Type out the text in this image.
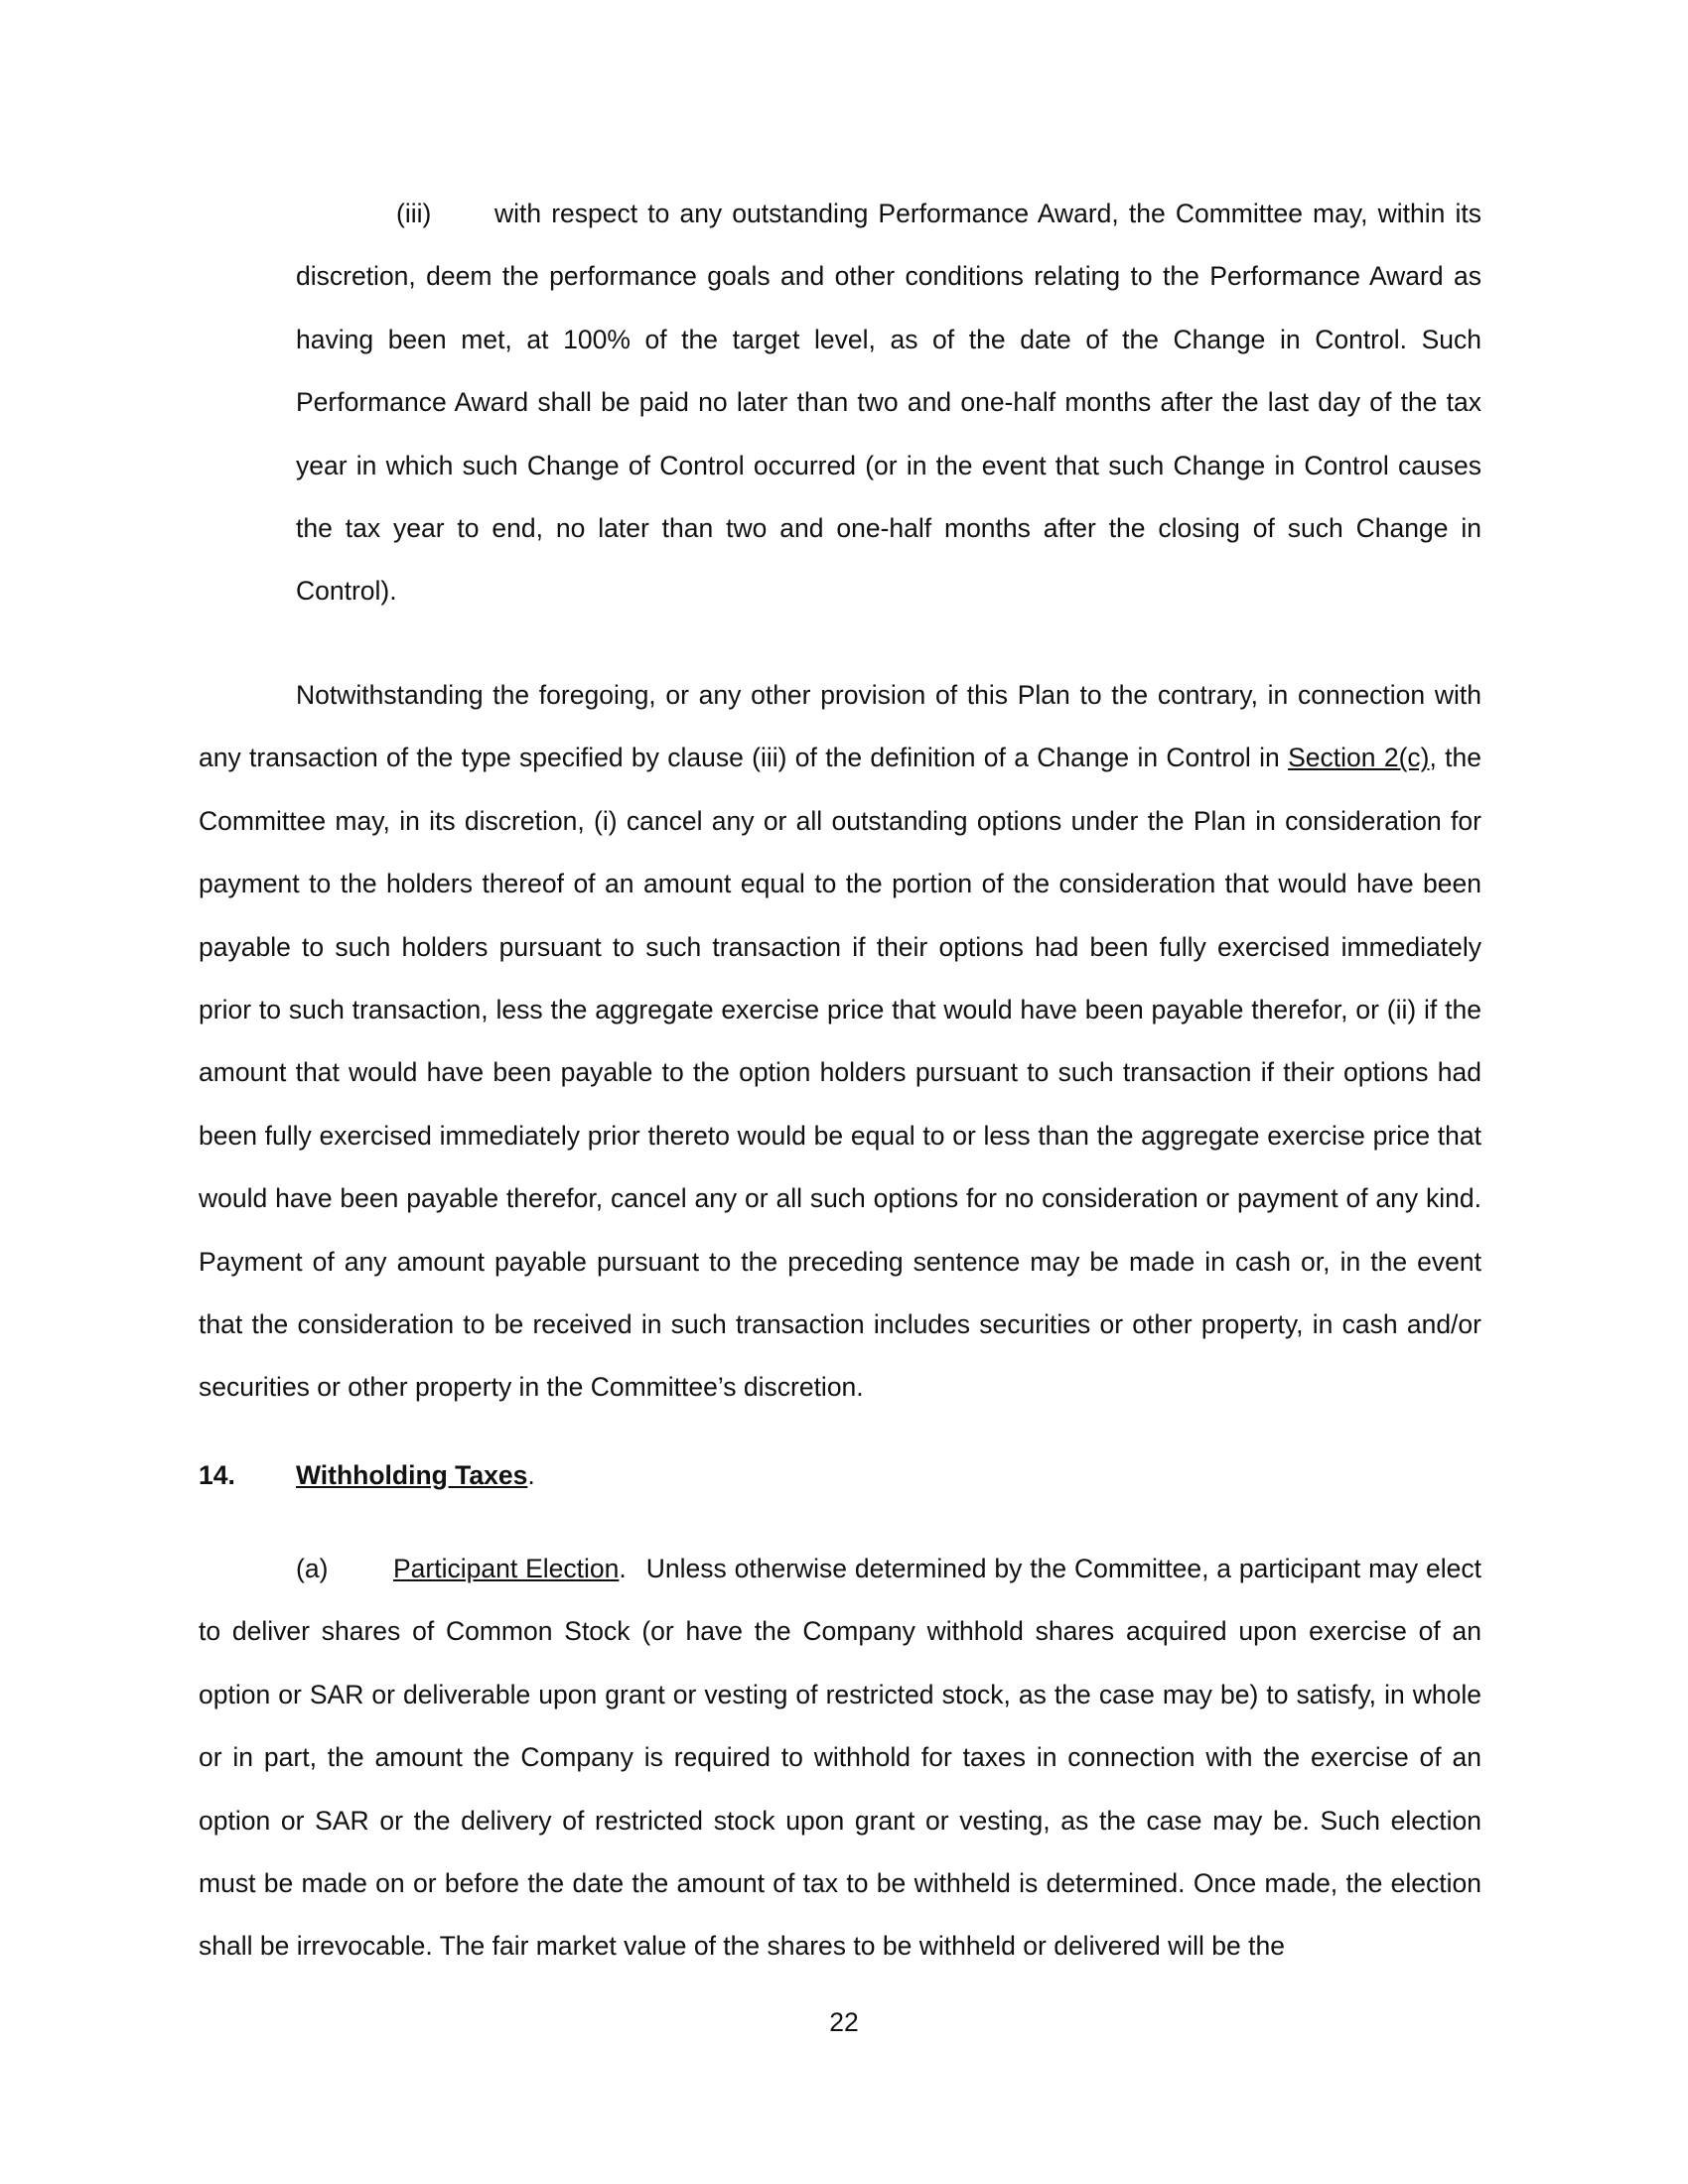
(iii) with respect to any outstanding Performance Award, the Committee may, within its discretion, deem the performance goals and other conditions relating to the Performance Award as having been met, at 100% of the target level, as of the date of the Change in Control. Such Performance Award shall be paid no later than two and one-half months after the last day of the tax year in which such Change of Control occurred (or in the event that such Change in Control causes the tax year to end, no later than two and one-half months after the closing of such Change in Control).

Notwithstanding the foregoing, or any other provision of this Plan to the contrary, in connection with any transaction of the type specified by clause (iii) of the definition of a Change in Control in Section 2(c), the Committee may, in its discretion, (i) cancel any or all outstanding options under the Plan in consideration for payment to the holders thereof of an amount equal to the portion of the consideration that would have been payable to such holders pursuant to such transaction if their options had been fully exercised immediately prior to such transaction, less the aggregate exercise price that would have been payable therefor, or (ii) if the amount that would have been payable to the option holders pursuant to such transaction if their options had been fully exercised immediately prior thereto would be equal to or less than the aggregate exercise price that would have been payable therefor, cancel any or all such options for no consideration or payment of any kind. Payment of any amount payable pursuant to the preceding sentence may be made in cash or, in the event that the consideration to be received in such transaction includes securities or other property, in cash and/or securities or other property in the Committee’s discretion.

14. Withholding Taxes.

(a) Participant Election. Unless otherwise determined by the Committee, a participant may elect to deliver shares of Common Stock (or have the Company withhold shares acquired upon exercise of an option or SAR or deliverable upon grant or vesting of restricted stock, as the case may be) to satisfy, in whole or in part, the amount the Company is required to withhold for taxes in connection with the exercise of an option or SAR or the delivery of restricted stock upon grant or vesting, as the case may be. Such election must be made on or before the date the amount of tax to be withheld is determined. Once made, the election shall be irrevocable. The fair market value of the shares to be withheld or delivered will be the

22
